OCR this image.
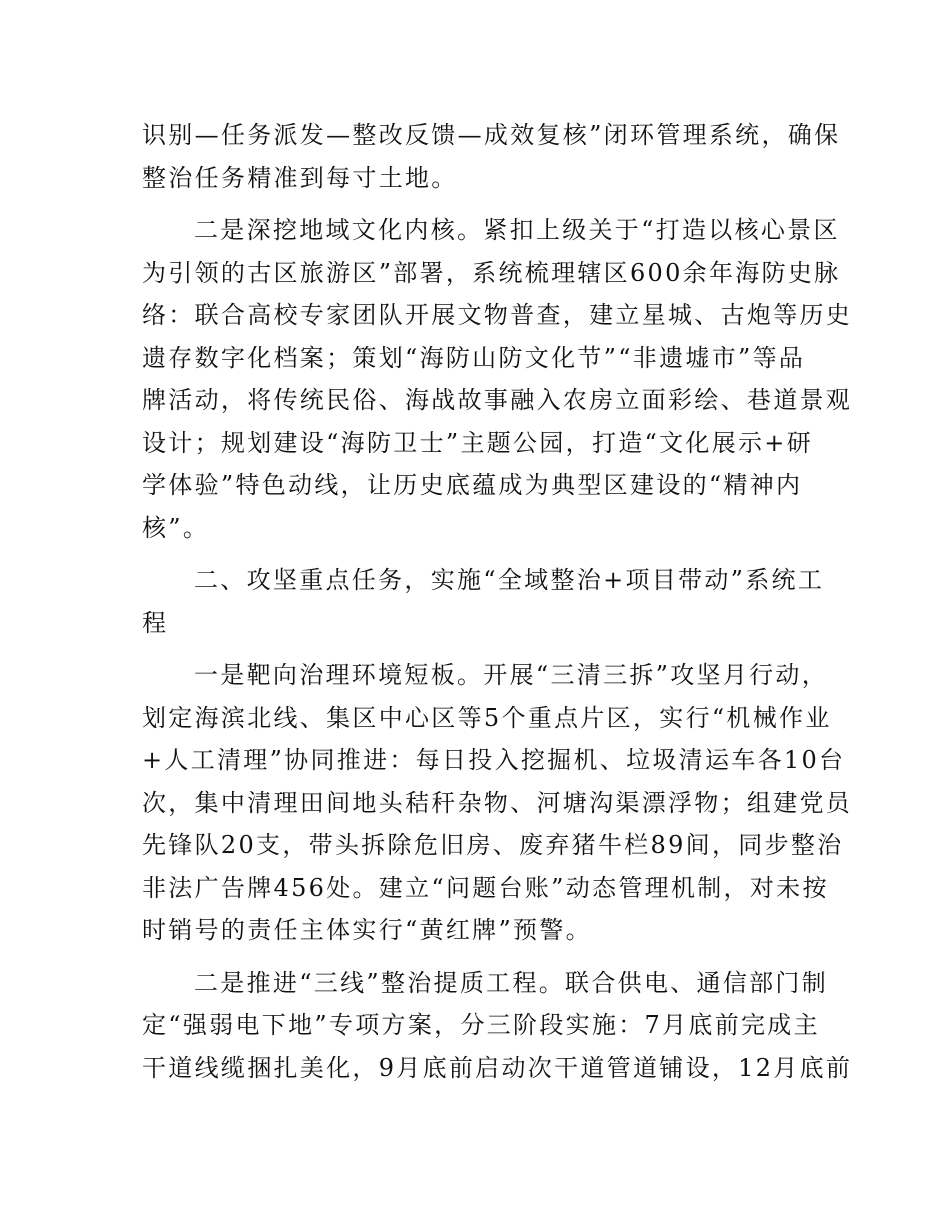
识别—任务派发—整改反馈—成效复核”闭环管理系统，确保
整治任务精准到每寸土地。

二是深挖地域文化内核。紧扣上级关于“打造以核心景区
为引领的古区旅游区”部署，系统梳理辖区600余年海防史脉
络：联合高校专家团队开展文物普查，建立星城、古炮等历史
遗存数字化档案；策划“海防山防文化节”“非遗墟市”等品
牌活动，将传统民俗、海战故事融入农房立面彩绘、巷道景观
设计；规划建设“海防卫士”主题公园，打造“文化展示+研
学体验”特色动线，让历史底蕴成为典型区建设的“精神内
核”。

二、攻坚重点任务，实施“全域整治+项目带动”系统工
程

一是靶向治理环境短板。开展“三清三拆”攻坚月行动，
划定海滨北线、集区中心区等5个重点片区，实行“机械作业
+人工清理”协同推进：每日投入挖掘机、垃圾清运车各10台
次，集中清理田间地头秸秆杂物、河塘沟渠漂浮物；组建党员
先锋队20支，带头拆除危旧房、废弃猪牛栏89间，同步整治
非法广告牌456处。建立“问题台账”动态管理机制，对未按
时销号的责任主体实行“黄红牌”预警。

二是推进“三线”整治提质工程。联合供电、通信部门制
定“强弱电下地”专项方案，分三阶段实施：7月底前完成主
干道线缆捆扎美化，9月底前启动次干道管道铺设，12月底前
